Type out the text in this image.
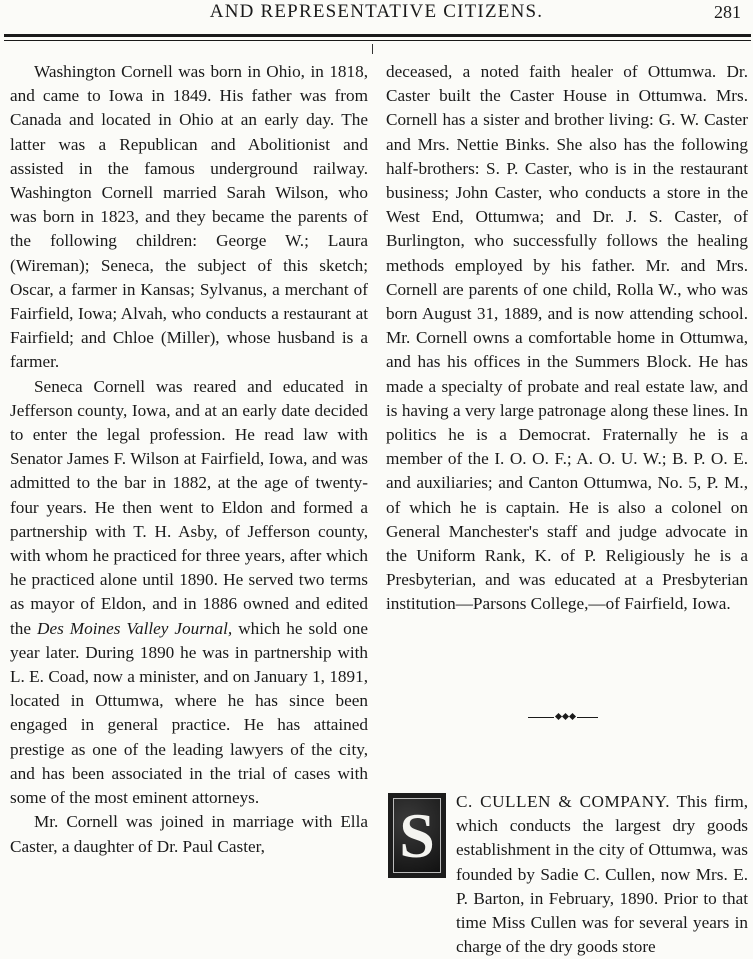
AND REPRESENTATIVE CITIZENS.	281

Washington Cornell was born in Ohio, in 1818, and came to Iowa in 1849. His father was from Canada and located in Ohio at an early day. The latter was a Republican and Abolitionist and assisted in the famous underground railway. Washington Cornell married Sarah Wilson, who was born in 1823, and they became the parents of the following children: George W.; Laura (Wireman); Seneca, the subject of this sketch; Oscar, a farmer in Kansas; Sylvanus, a merchant of Fairfield, Iowa; Alvah, who conducts a restaurant at Fairfield; and Chloe (Miller), whose husband is a farmer.

Seneca Cornell was reared and educated in Jefferson county, Iowa, and at an early date decided to enter the legal profession. He read law with Senator James F. Wilson at Fairfield, Iowa, and was admitted to the bar in 1882, at the age of twenty-four years. He then went to Eldon and formed a partnership with T. H. Asby, of Jefferson county, with whom he practiced for three years, after which he practiced alone until 1890. He served two terms as mayor of Eldon, and in 1886 owned and edited the Des Moines Valley Journal, which he sold one year later. During 1890 he was in partnership with L. E. Coad, now a minister, and on January 1, 1891, located in Ottumwa, where he has since been engaged in general practice. He has attained prestige as one of the leading lawyers of the city, and has been associated in the trial of cases with some of the most eminent attorneys.

Mr. Cornell was joined in marriage with Ella Caster, a daughter of Dr. Paul Caster,

deceased, a noted faith healer of Ottumwa. Dr. Caster built the Caster House in Ottumwa. Mrs. Cornell has a sister and brother living: G. W. Caster and Mrs. Nettie Binks. She also has the following half-brothers: S. P. Caster, who is in the restaurant business; John Caster, who conducts a store in the West End, Ottumwa; and Dr. J. S. Caster, of Burlington, who successfully follows the healing methods employed by his father. Mr. and Mrs. Cornell are parents of one child, Rolla W., who was born August 31, 1889, and is now attending school. Mr. Cornell owns a comfortable home in Ottumwa, and has his offices in the Summers Block. He has made a specialty of probate and real estate law, and is having a very large patronage along these lines. In politics he is a Democrat. Fraternally he is a member of the I. O. O. F.; A. O. U. W.; B. P. O. E. and auxiliaries; and Canton Ottumwa, No. 5, P. M., of which he is captain. He is also a colonel on General Manchester's staff and judge advocate in the Uniform Rank, K. of P. Religiously he is a Presbyterian, and was educated at a Presbyterian institution—Parsons College,—of Fairfield, Iowa.

S	C. CULLEN & COMPANY. This firm, which conducts the largest dry goods establishment in the city of Ottumwa, was founded by Sadie C. Cullen, now Mrs. E. P. Barton, in February, 1890. Prior to that time Miss Cullen was for several years in charge of the dry goods store
